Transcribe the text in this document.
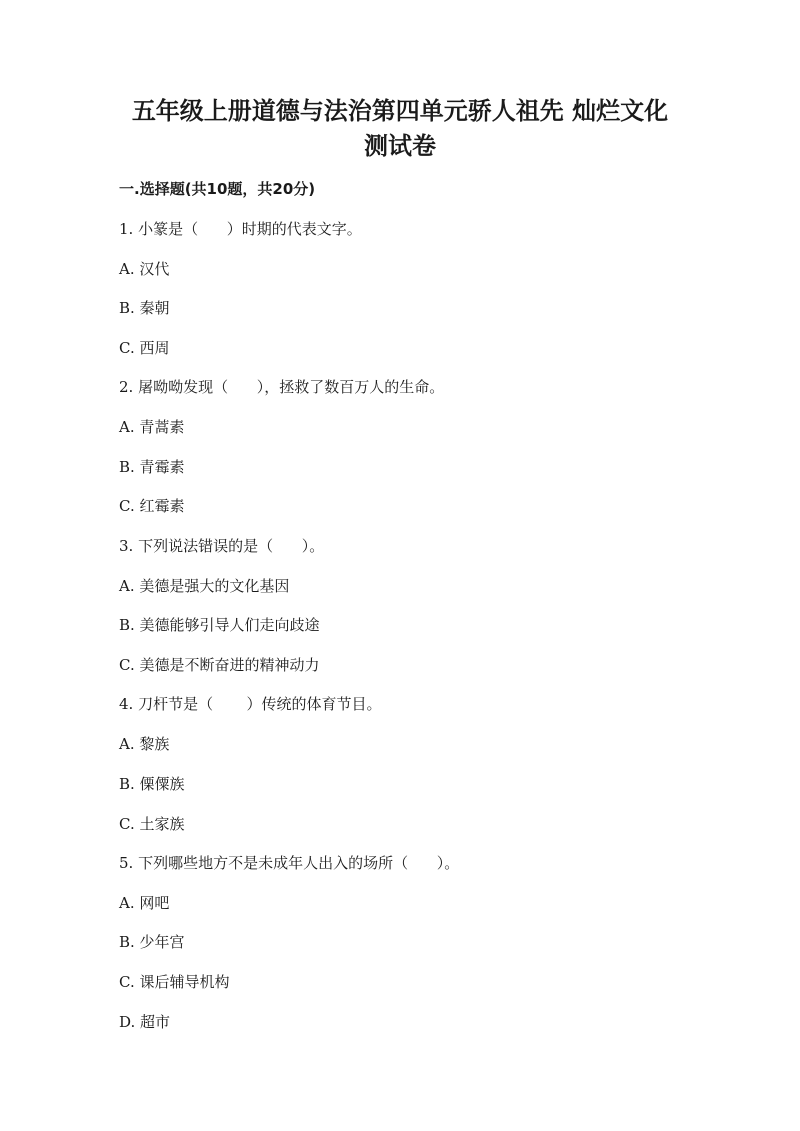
五年级上册道德与法治第四单元骄人祖先 灿烂文化
测试卷
一.选择题(共10题，共20分)
1. 小篆是（      ）时期的代表文字。
A. 汉代
B. 秦朝
C. 西周
2. 屠呦呦发现（      ），拯救了数百万人的生命。
A. 青蒿素
B. 青霉素
C. 红霉素
3. 下列说法错误的是（      ）。
A. 美德是强大的文化基因
B. 美德能够引导人们走向歧途
C. 美德是不断奋进的精神动力
4. 刀杆节是（       ）传统的体育节目。
A. 黎族
B. 傈僳族
C. 土家族
5. 下列哪些地方不是未成年人出入的场所（      ）。
A. 网吧
B. 少年宫
C. 课后辅导机构
D. 超市
